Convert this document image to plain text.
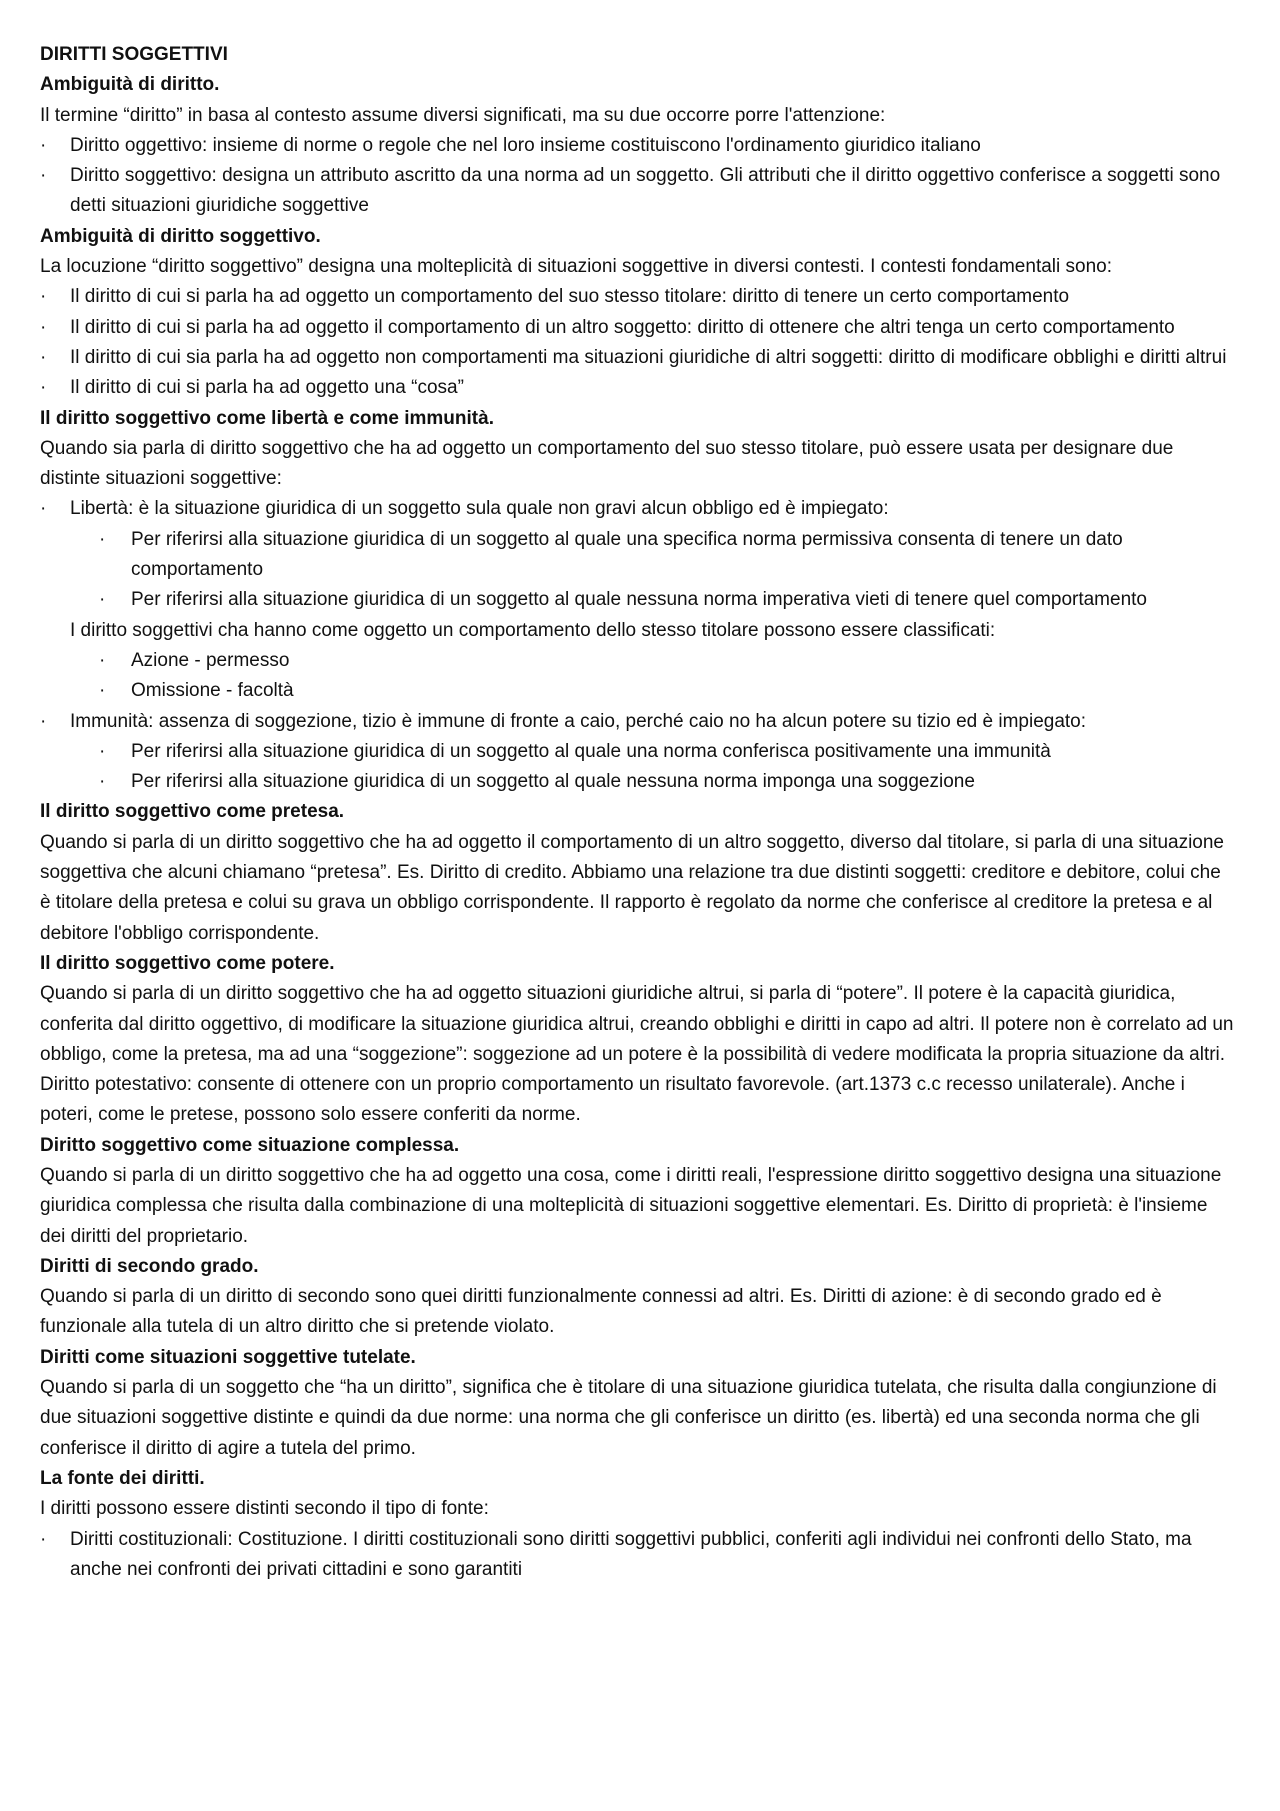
DIRITTI SOGGETTIVI
Ambiguità di diritto.

Il termine “diritto” in basa al contesto assume diversi significati, ma su due occorre porre l'attenzione:

· Diritto oggettivo: insieme di norme o regole che nel loro insieme costituiscono l'ordinamento giuridico italiano
· Diritto soggettivo: designa un attributo ascritto da una norma ad un soggetto. Gli attributi che il diritto oggettivo conferisce a soggetti sono detti situazioni giuridiche soggettive
Ambiguità di diritto soggettivo.

La locuzione “diritto soggettivo” designa una molteplicità di situazioni soggettive in diversi contesti. I contesti fondamentali sono:

· Il diritto di cui si parla ha ad oggetto un comportamento del suo stesso titolare: diritto di tenere un certo comportamento
· Il diritto di cui si parla ha ad oggetto il comportamento di un altro soggetto: diritto di ottenere che altri tenga un certo comportamento
· Il diritto di cui sia parla ha ad oggetto non comportamenti ma situazioni giuridiche di altri soggetti: diritto di modificare obblighi e diritti altrui
· Il diritto di cui si parla ha ad oggetto una “cosa”
Il diritto soggettivo come libertà e come immunità.

Quando sia parla di diritto soggettivo che ha ad oggetto un comportamento del suo stesso titolare, può essere usata per designare due distinte situazioni soggettive:

· Libertà: è la situazione giuridica di un soggetto sula quale non gravi alcun obbligo ed è impiegato:
· Per riferirsi alla situazione giuridica di un soggetto al quale una specifica norma permissiva consenta di tenere un dato comportamento
· Per riferirsi alla situazione giuridica di un soggetto al quale nessuna norma imperativa vieti di tenere quel comportamento

I diritto soggettivi cha hanno come oggetto un comportamento dello stesso titolare possono essere classificati:

· Azione - permesso
· Omissione - facoltà
· Immunità: assenza di soggezione, tizio è immune di fronte a caio, perché caio no ha alcun potere su tizio ed è impiegato:
· Per riferirsi alla situazione giuridica di un soggetto al quale una norma conferisca positivamente una immunità
· Per riferirsi alla situazione giuridica di un soggetto al quale nessuna norma imponga una soggezione
Il diritto soggettivo come pretesa.

Quando si parla di un diritto soggettivo che ha ad oggetto il comportamento di un altro soggetto, diverso dal titolare, si parla di una situazione soggettiva che alcuni chiamano “pretesa”. Es. Diritto di credito. Abbiamo una relazione tra due distinti soggetti: creditore e debitore, colui che è titolare della pretesa e colui su grava un obbligo corrispondente. Il rapporto è regolato da norme che conferisce al creditore la pretesa e al debitore l'obbligo corrispondente.

Il diritto soggettivo come potere.

Quando si parla di un diritto soggettivo che ha ad oggetto situazioni giuridiche altrui, si parla di “potere”. Il potere è la capacità giuridica, conferita dal diritto oggettivo, di modificare la situazione giuridica altrui, creando obblighi e diritti in capo ad altri. Il potere non è correlato ad un obbligo, come la pretesa, ma ad una “soggezione”: soggezione ad un potere è la possibilità di vedere modificata la propria situazione da altri. Diritto potestativo: consente di ottenere con un proprio comportamento un risultato favorevole. (art.1373 c.c recesso unilaterale). Anche i poteri, come le pretese, possono solo essere conferiti da norme.

Diritto soggettivo come situazione complessa.

Quando si parla di un diritto soggettivo che ha ad oggetto una cosa, come i diritti reali, l'espressione diritto soggettivo designa una situazione giuridica complessa che risulta dalla combinazione di una molteplicità di situazioni soggettive elementari. Es. Diritto di proprietà: è l'insieme dei diritti del proprietario.

Diritti di secondo grado.

Quando si parla di un diritto di secondo sono quei diritti funzionalmente connessi ad altri. Es. Diritti di azione: è di secondo grado ed è funzionale alla tutela di un altro diritto che si pretende violato.

Diritti come situazioni soggettive tutelate.

Quando si parla di un soggetto che “ha un diritto”, significa che è titolare di una situazione giuridica tutelata, che risulta dalla congiunzione di due situazioni soggettive distinte e quindi da due norme: una norma che gli conferisce un diritto (es. libertà) ed una seconda norma che gli conferisce il diritto di agire a tutela del primo.

La fonte dei diritti.

I diritti possono essere distinti secondo il tipo di fonte:

· Diritti costituzionali: Costituzione. I diritti costituzionali sono diritti soggettivi pubblici, conferiti agli individui nei confronti dello Stato, ma anche nei confronti dei privati cittadini e sono garantiti
